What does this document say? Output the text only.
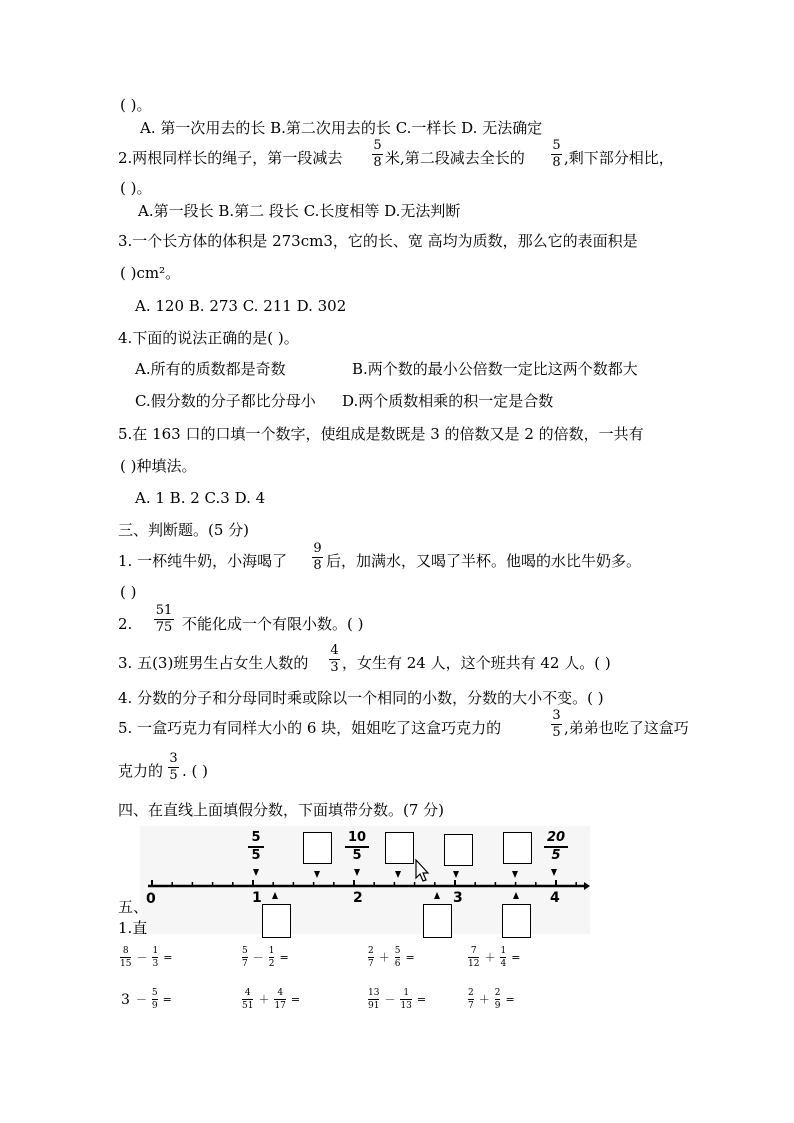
( )。
A. 第一次用去的长 B.第二次用去的长 C.一样长 D. 无法确定
2.两根同样长的绳子，第一段减去
5
8 米,第二段减去全长的
5
8 ,剩下部分相比，
( )。
A.第一段长 B.第二 段长 C.长度相等 D.无法判断
3.一个长方体的体积是 273cm3，它的长、宽 高均为质数，那么它的表面积是
( )cm²。
A. 120 B. 273 C. 211 D. 302
4.下面的说法正确的是( )。
A.所有的质数都是奇数	B.两个数的最小公倍数一定比这两个数都大
C.假分数的分子都比分母小 D.两个质数相乘的积一定是合数
5.在 163 口的口填一个数字，使组成是数既是 3 的倍数又是 2 的倍数，一共有
( )种填法。
A. 1 B. 2 C.3 D. 4
三、判断题。(5 分)
1. 一杯纯牛奶，小海喝了
9
8 后，加满水，又喝了半杯。他喝的水比牛奶多。
( )
2.
51
75 不能化成一个有限小数。( )
3. 五(3)班男生占女生人数的
4
3 ，女生有 24 人，这个班共有 42 人。( )
4. 分数的分子和分母同时乘或除以一个相同的小数，分数的大小不变。( )
5. 一盒巧克力有同样大小的 6 块，姐姐吃了这盒巧克力的
3
5 ,弟弟也吃了这盒巧
克力的
3
5 . ( )
四、在直线上面填假分数，下面填带分数。(7 分)
0	1	2	3	4
5
5
10
5
20
5
五、
1.直
$\frac{8}{15} - \frac{1}{3}$ =	$\frac{5}{7} - \frac{1}{2}$ =	$\frac{2}{7} + \frac{5}{6}$ =	$\frac{7}{12} + \frac{1}{4}$ =
$3 - \frac{5}{9}$ =	$\frac{4}{51} + \frac{4}{17}$ =	$\frac{13}{91} - \frac{1}{13}$ =	$\frac{2}{7} + \frac{2}{9}$ =
